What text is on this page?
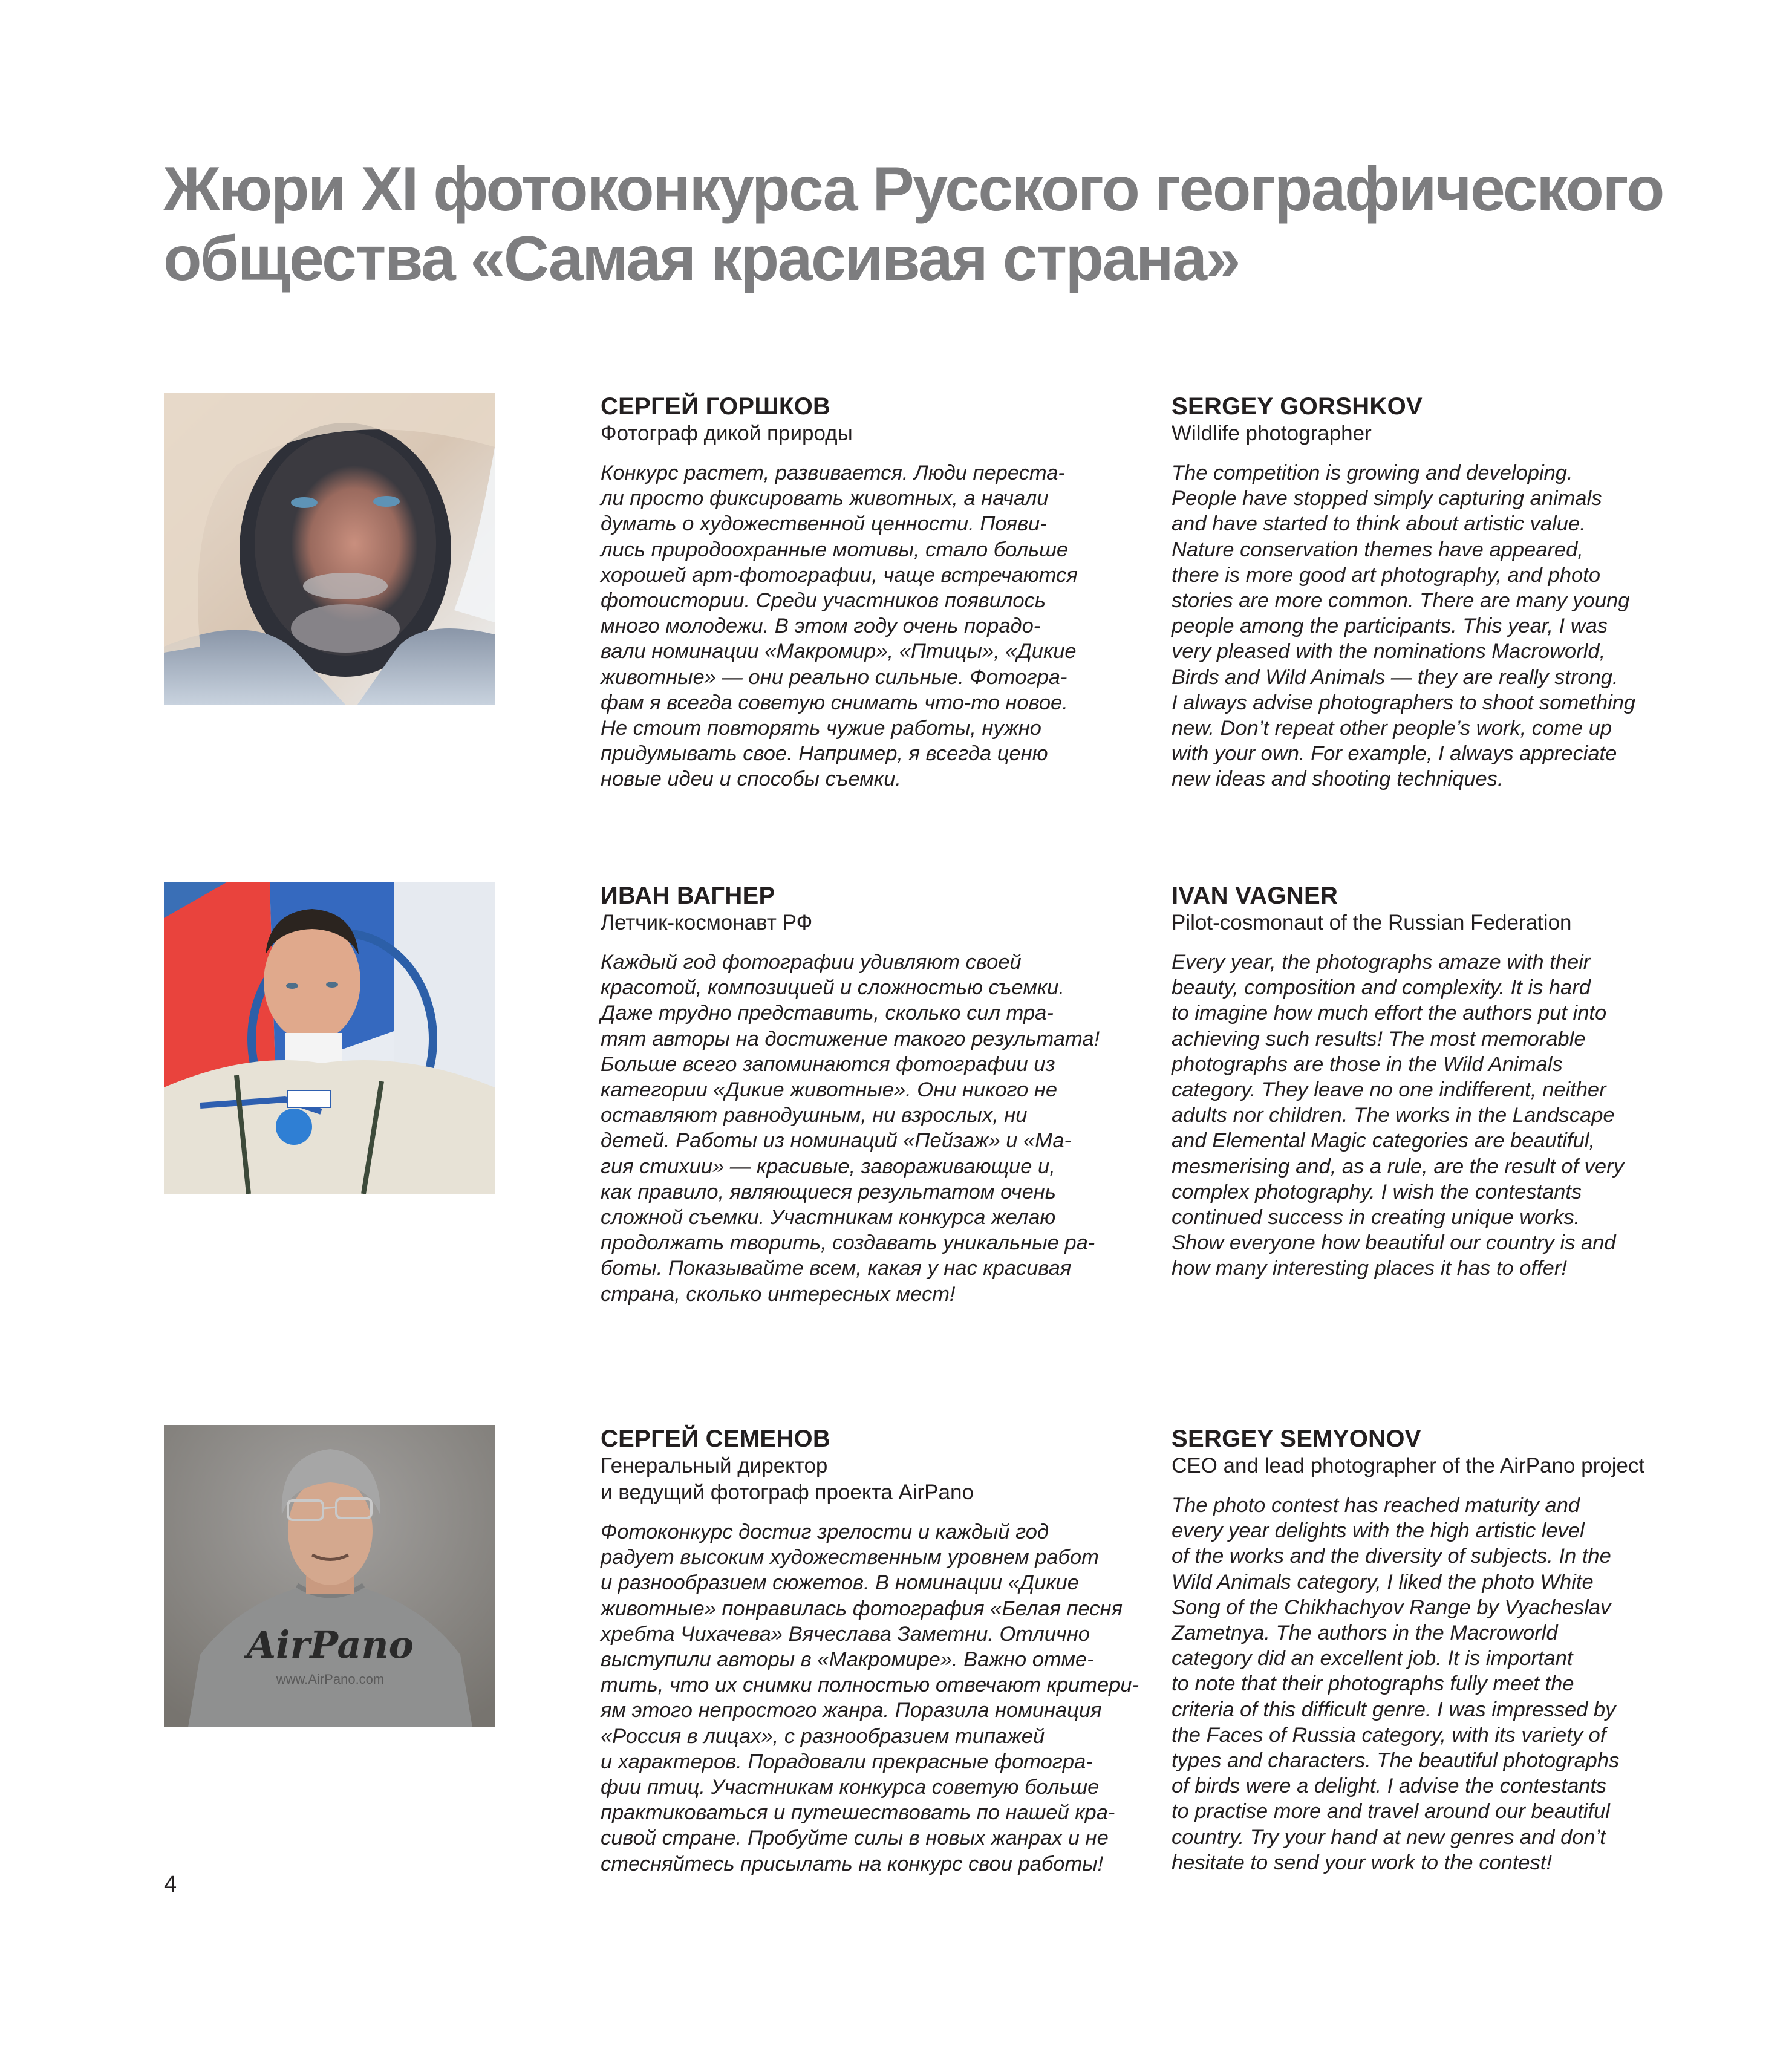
Жюри XI фотоконкурса Русского географического
общества «Самая красивая страна»

СЕРГЕЙ ГОРШКОВ

Фотограф дикой природы

Конкурс растет, развивается. Люди переста-
ли просто фиксировать животных, а начали
думать о художественной ценности. Появи-
лись природоохранные мотивы, стало больше
хорошей арт-фотографии, чаще встречаются
фотоистории. Среди участников появилось
много молодежи. В этом году очень порадо-
вали номинации «Макромир», «Птицы», «Дикие
животные» — они реально сильные. Фотогра-
фам я всегда советую снимать что-то новое.
Не стоит повторять чужие работы, нужно
придумывать свое. Например, я всегда ценю
новые идеи и способы съемки.

SERGEY GORSHKOV

Wildlife photographer

The competition is growing and developing.
People have stopped simply capturing animals
and have started to think about artistic value.
Nature conservation themes have appeared,
there is more good art photography, and photo
stories are more common. There are many young
people among the participants. This year, I was
very pleased with the nominations Macroworld,
Birds and Wild Animals — they are really strong.
I always advise photographers to shoot something
new. Don’t repeat other people’s work, come up
with your own. For example, I always appreciate
new ideas and shooting techniques.

ИВАН ВАГНЕР

Летчик-космонавт РФ

Каждый год фотографии удивляют своей
красотой, композицией и сложностью съемки.
Даже трудно представить, сколько сил тра-
тят авторы на достижение такого результата!
Больше всего запоминаются фотографии из
категории «Дикие животные». Они никого не
оставляют равнодушным, ни взрослых, ни
детей. Работы из номинаций «Пейзаж» и «Ма-
гия стихии» — красивые, завораживающие и,
как правило, являющиеся результатом очень
сложной съемки. Участникам конкурса желаю
продолжать творить, создавать уникальные ра-
боты. Показывайте всем, какая у нас красивая
страна, сколько интересных мест!

IVAN VAGNER

Pilot-cosmonaut of the Russian Federation

Every year, the photographs amaze with their
beauty, composition and complexity. It is hard
to imagine how much effort the authors put into
achieving such results! The most memorable
photographs are those in the Wild Animals
category. They leave no one indifferent, neither
adults nor children. The works in the Landscape
and Elemental Magic categories are beautiful,
mesmerising and, as a rule, are the result of very
complex photography. I wish the contestants
continued success in creating unique works.
Show everyone how beautiful our country is and
how many interesting places it has to offer!
AirPano
www.AirPano.com

СЕРГЕЙ СЕМЕНОВ

Генеральный директор
и ведущий фотограф проекта AirPano

Фотоконкурс достиг зрелости и каждый год
радует высоким художественным уровнем работ
и разнообразием сюжетов. В номинации «Дикие
животные» понравилась фотография «Белая песня
хребта Чихачева» Вячеслава Заметни. Отлично
выступили авторы в «Макромире». Важно отме-
тить, что их снимки полностью отвечают критери-
ям этого непростого жанра. Поразила номинация
«Россия в лицах», с разнообразием типажей
и характеров. Порадовали прекрасные фотогра-
фии птиц. Участникам конкурса советую больше
практиковаться и путешествовать по нашей кра-
сивой стране. Пробуйте силы в новых жанрах и не
стесняйтесь присылать на конкурс свои работы!

SERGEY SEMYONOV

CEO and lead photographer of the AirPano project

The photo contest has reached maturity and
every year delights with the high artistic level
of the works and the diversity of subjects. In the
Wild Animals category, I liked the photo White
Song of the Chikhachyov Range by Vyacheslav
Zametnya. The authors in the Macroworld
category did an excellent job. It is important
to note that their photographs fully meet the
criteria of this difficult genre. I was impressed by
the Faces of Russia category, with its variety of
types and characters. The beautiful photographs
of birds were a delight. I advise the contestants
to practise more and travel around our beautiful
country. Try your hand at new genres and don’t
hesitate to send your work to the contest!
4
